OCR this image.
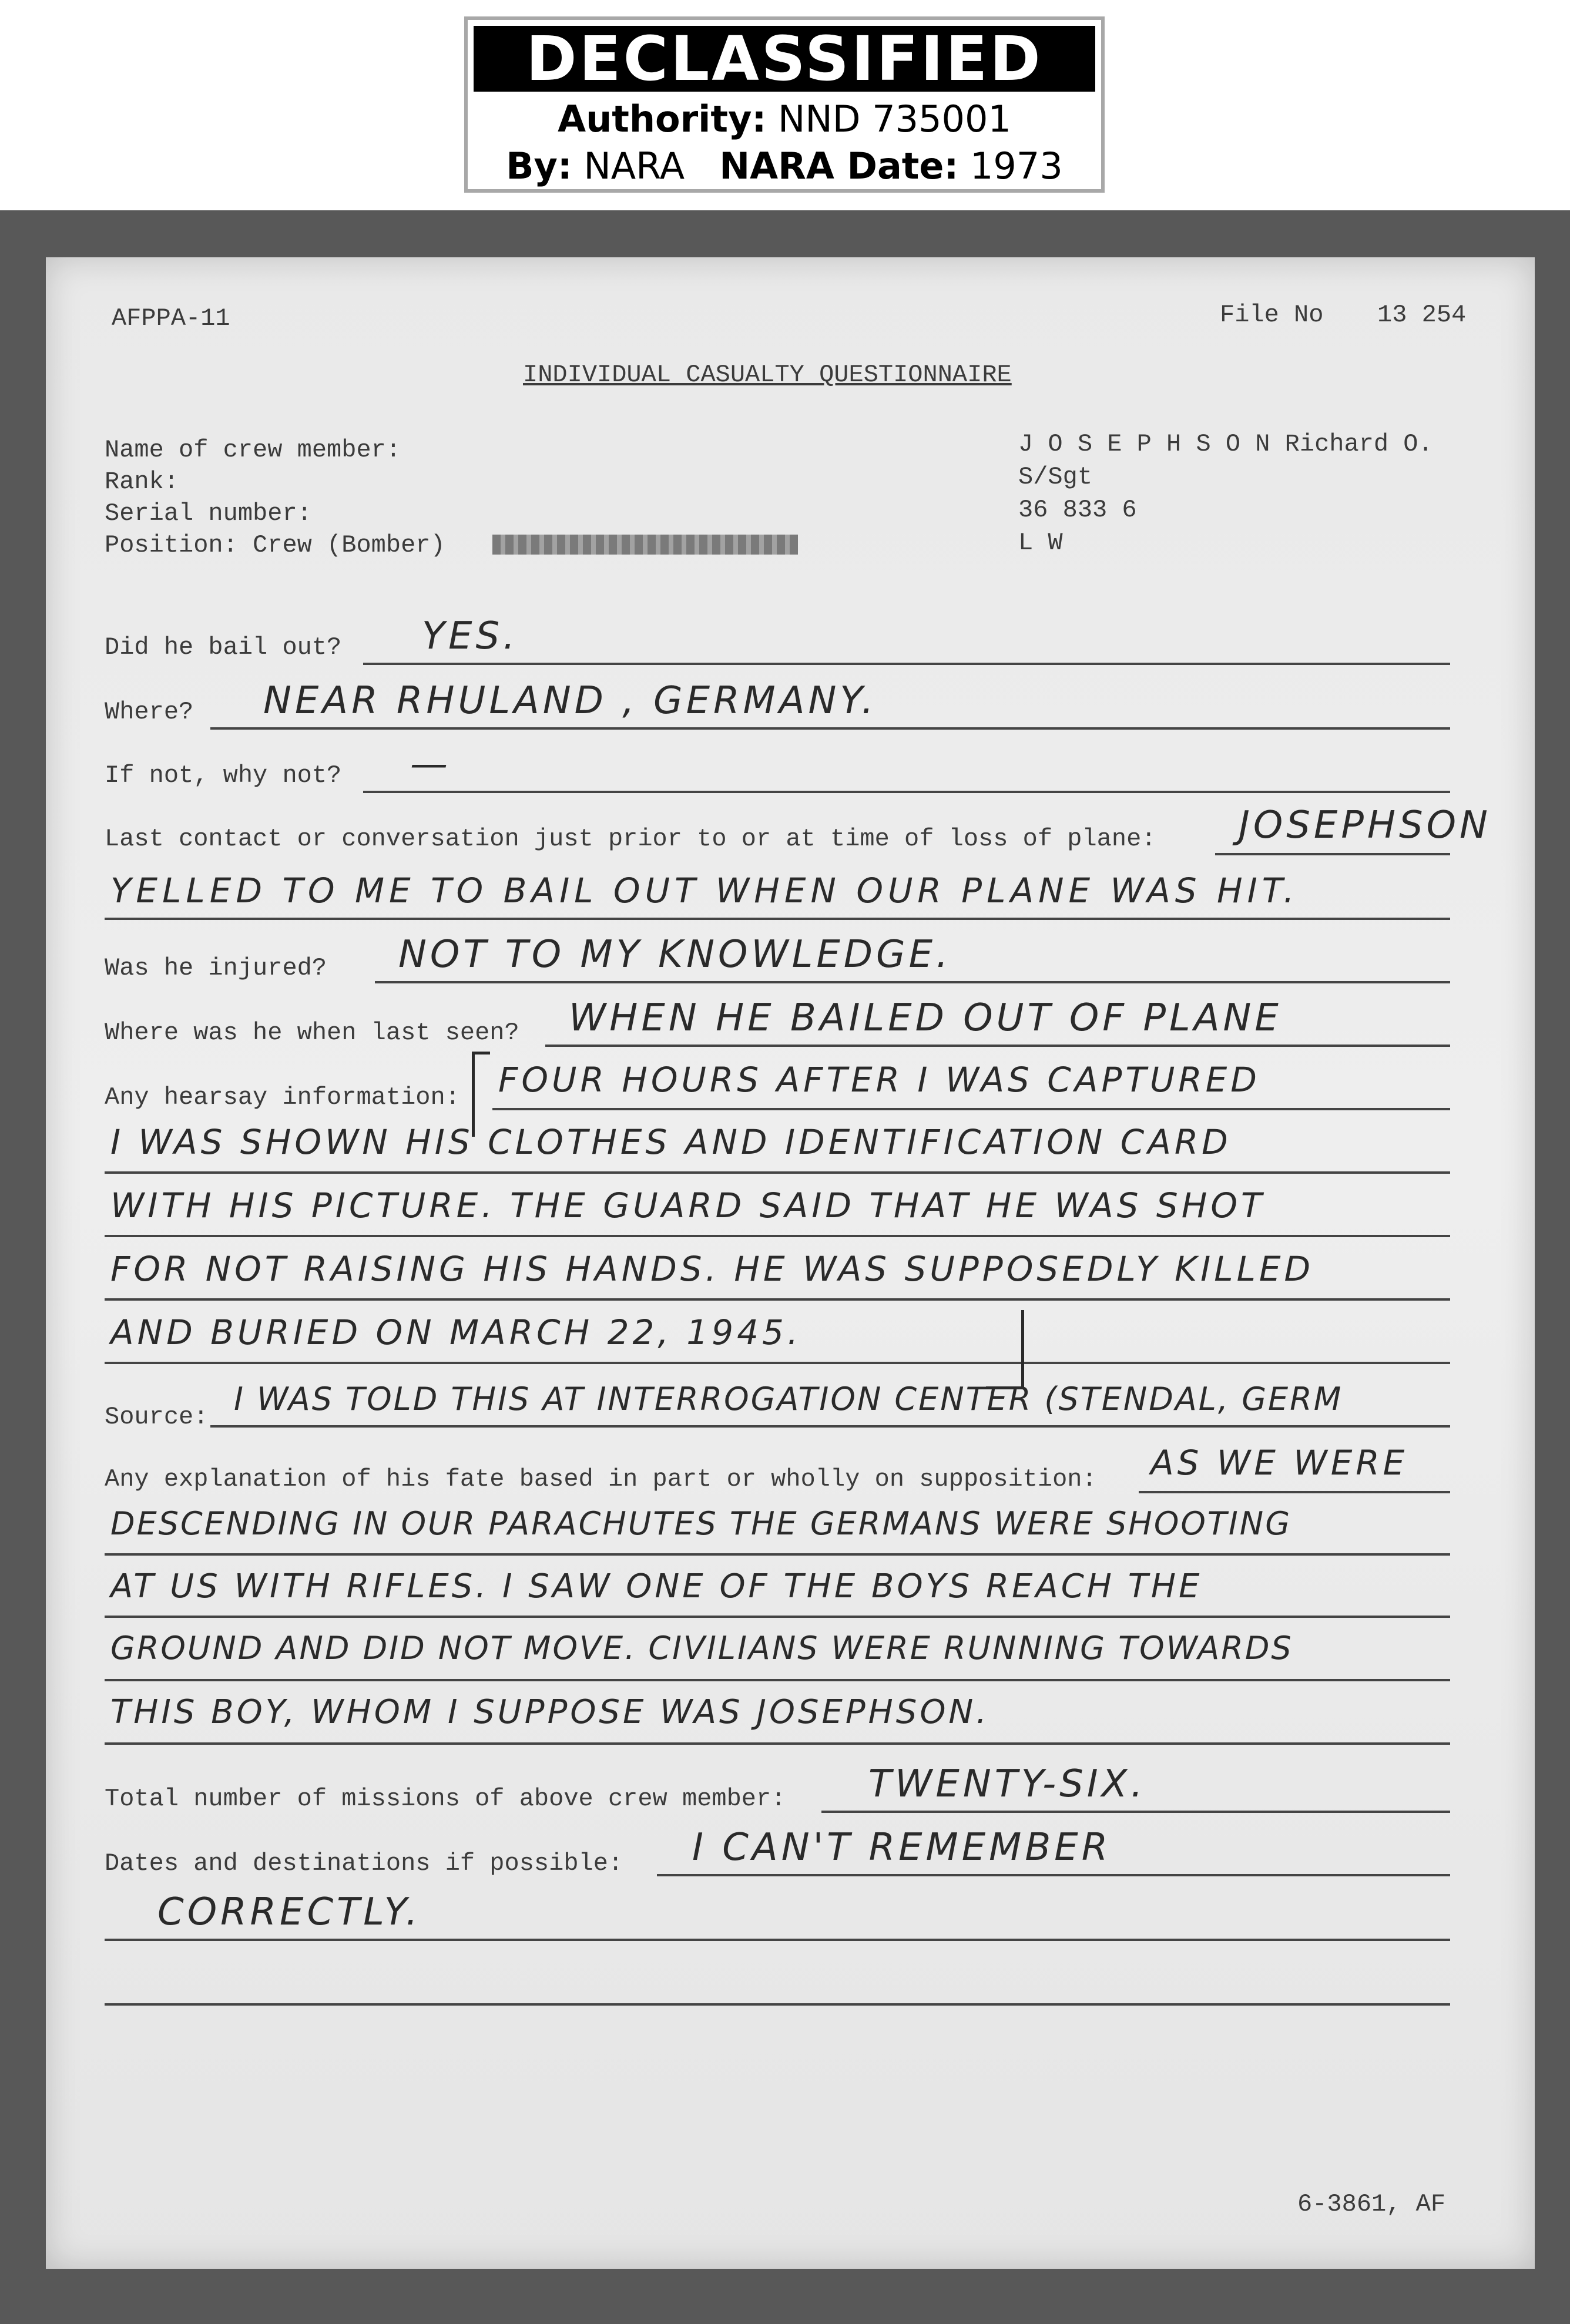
DECLASSIFIED
Authority: NND 735001
By: NARA NARA Date: 1973
AFPPA-11	File No 13 254
INDIVIDUAL CASUALTY QUESTIONNAIRE
Name of crew member:	J O S E P H S O N Richard O.
Rank:	S/Sgt
Serial number:	36 833 6
Position: Crew (Bomber)	L W
Did he bail out? YES.
Where? NEAR RHULAND , GERMANY.
If not, why not? —
Last contact or conversation just prior to or at time of loss of plane: JOSEPHSON
YELLED TO ME TO BAIL OUT WHEN OUR PLANE WAS HIT.
Was he injured? NOT TO MY KNOWLEDGE.
Where was he when last seen? WHEN HE BAILED OUT OF PLANE
Any hearsay information: FOUR HOURS AFTER I WAS CAPTURED
I WAS SHOWN HIS CLOTHES AND IDENTIFICATION CARD
WITH HIS PICTURE. THE GUARD SAID THAT HE WAS SHOT
FOR NOT RAISING HIS HANDS. HE WAS SUPPOSEDLY KILLED
AND BURIED ON MARCH 22, 1945.
Source: I WAS TOLD THIS AT INTERROGATION CENTER (STENDAL, GERM
Any explanation of his fate based in part or wholly on supposition: AS WE WERE
DESCENDING IN OUR PARACHUTES THE GERMANS WERE SHOOTING
AT US WITH RIFLES. I SAW ONE OF THE BOYS REACH THE
GROUND AND DID NOT MOVE. CIVILIANS WERE RUNNING TOWARDS
THIS BOY, WHOM I SUPPOSE WAS JOSEPHSON.
Total number of missions of above crew member: TWENTY-SIX.
Dates and destinations if possible: I CAN'T REMEMBER
CORRECTLY.
6-3861, AF
